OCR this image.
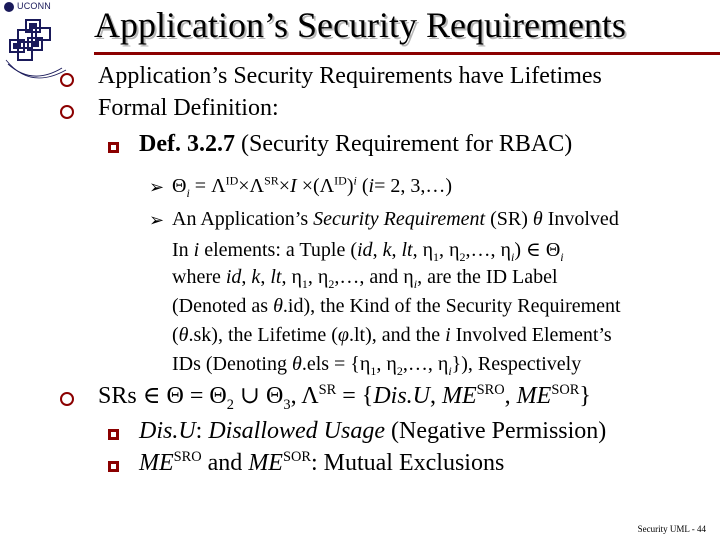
UCONN	Application’s Security Requirements
Application’s Security Requirements have Lifetimes
Formal Definition:
Def. 3.2.7 (Security Requirement for RBAC)
➢ $\Theta_i = \Lambda^{ID}\times\Lambda^{SR}\times I \times(\Lambda^{ID})^i$ (i= 2, 3,…)
➢ An Application’s Security Requirement (SR) θ Involved
In i elements: a Tuple (id, k, lt, $\eta_1$, $\eta_2,\dots$, $\eta_i$) ∈ $\Theta_i$
where id, k, lt, $\eta_1$, $\eta_2,\dots$, and $\eta_i$, are the ID Label
(Denoted as θ.id), the Kind of the Security Requirement
(θ.sk), the Lifetime (φ.lt), and the i Involved Element’s
IDs (Denoting $\theta.els = \{\eta_1$, $\eta_2,\dots$, $\eta_i$}), Respectively
SRs ∈ $\Theta = \Theta_2$ ∪ $\Theta_3$, $\Lambda^{SR} = \{Dis.U$, $ME^{SRO}$, $ME^{SOR}$}
Dis.U: Disallowed Usage (Negative Permission)
$ME^{SRO}$ and $ME^{SOR}$: Mutual Exclusions
Security UML - 44
